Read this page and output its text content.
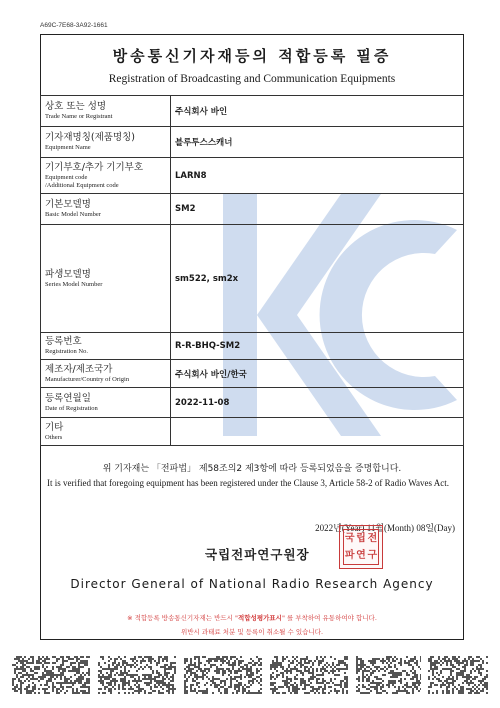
A69C-7E68-3A92-1661
방송통신기자재등의 적합등록 필증
Registration of Broadcasting and Communication Equipments
상호 또는 성명
Trade Name or Registrant	주식회사 바인

기자재명칭(제품명칭)
Equipment Name	블루투스스캐너

기기부호/추가 기기부호
Equipment code
/Additional Equipment code	LARN8

기본모델명
Basic Model Number	SM2

파생모델명
Series Model Number	sm522, sm2x

등록번호
Registration No.	R-R-BHQ-SM2

제조자/제조국가
Manufacturer/Country of Origin	주식회사 바인/한국

등록연월일
Date of Registration	2022-11-08

기타
Others	

위 기자재는 「전파법」 제58조의2 제3항에 따라 등록되었음을 증명합니다.
It is verified that foregoing equipment has been registered under the Clause 3, Article 58-2 of Radio Waves Act.
2022년(Year) 11월(Month) 08일(Day)
국립전파연구원장
국 립 전
파 연 구
Director General of National Radio Research Agency
※ 적합등록 방송통신기자재는 반드시 "적합성평가표시" 를 부착하여 유통하여야 합니다.
위반시 과태료 처분 및 등록이 취소될 수 있습니다.
